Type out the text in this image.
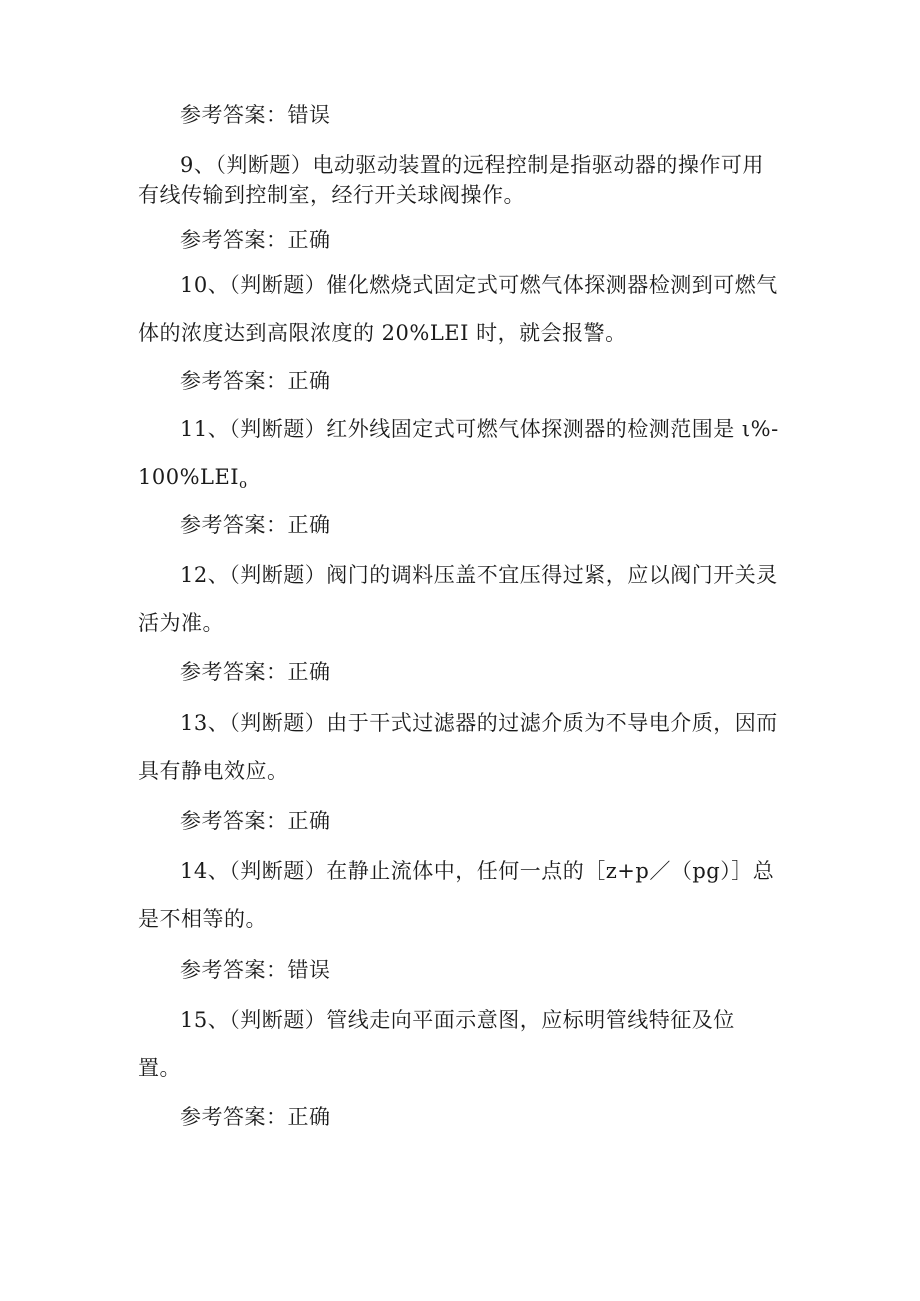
参考答案：错误
9、（判断题）电动驱动装置的远程控制是指驱动器的操作可用
有线传输到控制室，经行开关球阀操作。
参考答案：正确
10、（判断题）催化燃烧式固定式可燃气体探测器检测到可燃气
体的浓度达到高限浓度的 20%LEI 时，就会报警。
参考答案：正确
11、（判断题）红外线固定式可燃气体探测器的检测范围是 ι%-
$100\%LEI_o$
参考答案：正确
12、（判断题）阀门的调料压盖不宜压得过紧，应以阀门开关灵
活为准。
参考答案：正确
13、（判断题）由于干式过滤器的过滤介质为不导电介质，因而
具有静电效应。
参考答案：正确
14、（判断题）在静止流体中，任何一点的［z+p／（pg）］总
是不相等的。
参考答案：错误
15、（判断题）管线走向平面示意图，应标明管线特征及位
置。
参考答案：正确
